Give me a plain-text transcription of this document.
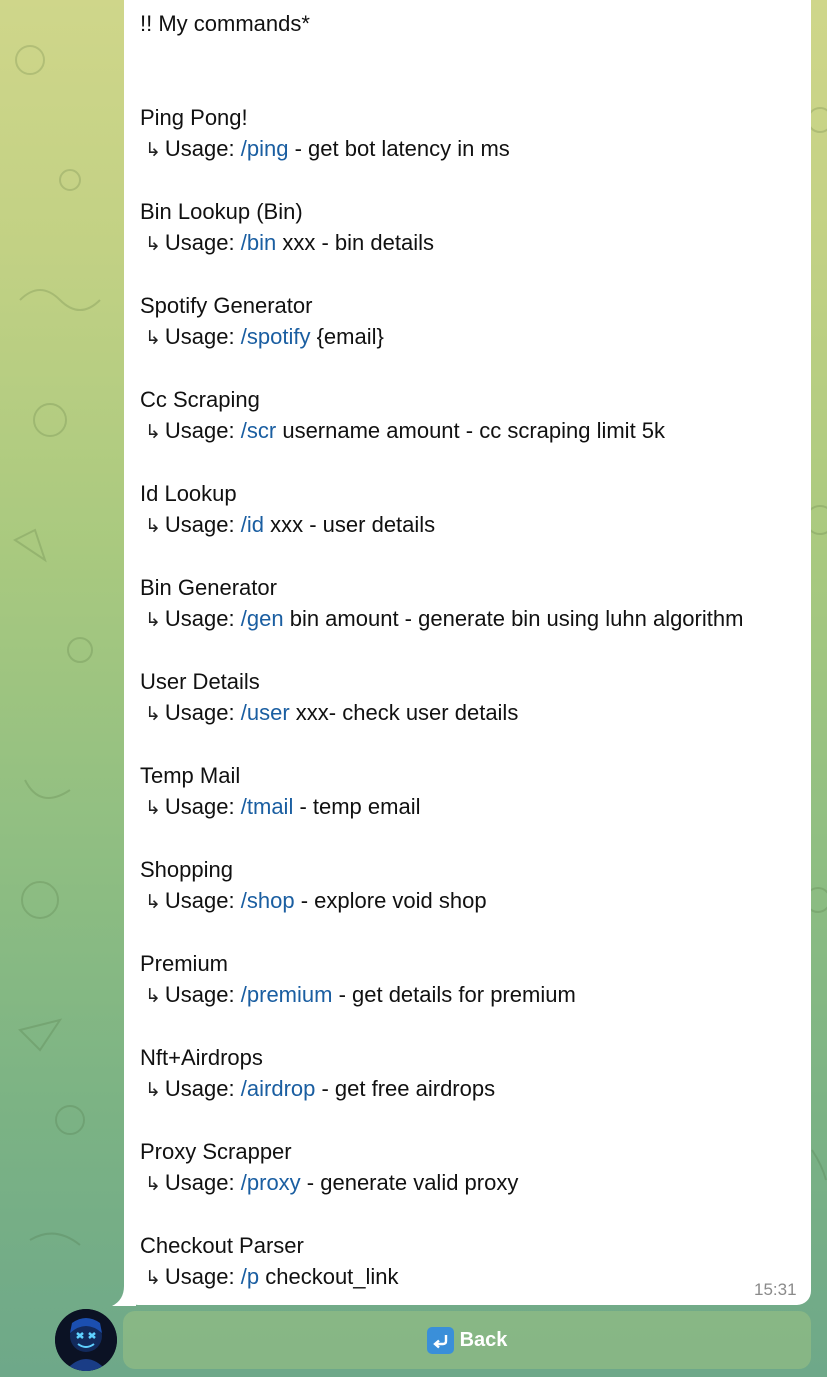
!! My commands*
Ping Pong!
↳ Usage: /ping - get bot latency in ms
Bin Lookup (Bin)
↳ Usage: /bin xxx - bin details
Spotify Generator
↳ Usage: /spotify {email}
Cc Scraping
↳ Usage: /scr username amount - cc scraping limit 5k
Id Lookup
↳ Usage: /id xxx - user details
Bin Generator
↳ Usage: /gen bin amount - generate bin using luhn algorithm
User Details
↳ Usage: /user xxx- check user details
Temp Mail
↳ Usage: /tmail - temp email
Shopping
↳ Usage: /shop - explore void shop
Premium
↳ Usage: /premium - get details for premium
Nft+Airdrops
↳ Usage: /airdrop - get free airdrops
Proxy Scrapper
↳ Usage: /proxy - generate valid proxy
Checkout Parser
↳ Usage: /p checkout_link
15:31
Back
